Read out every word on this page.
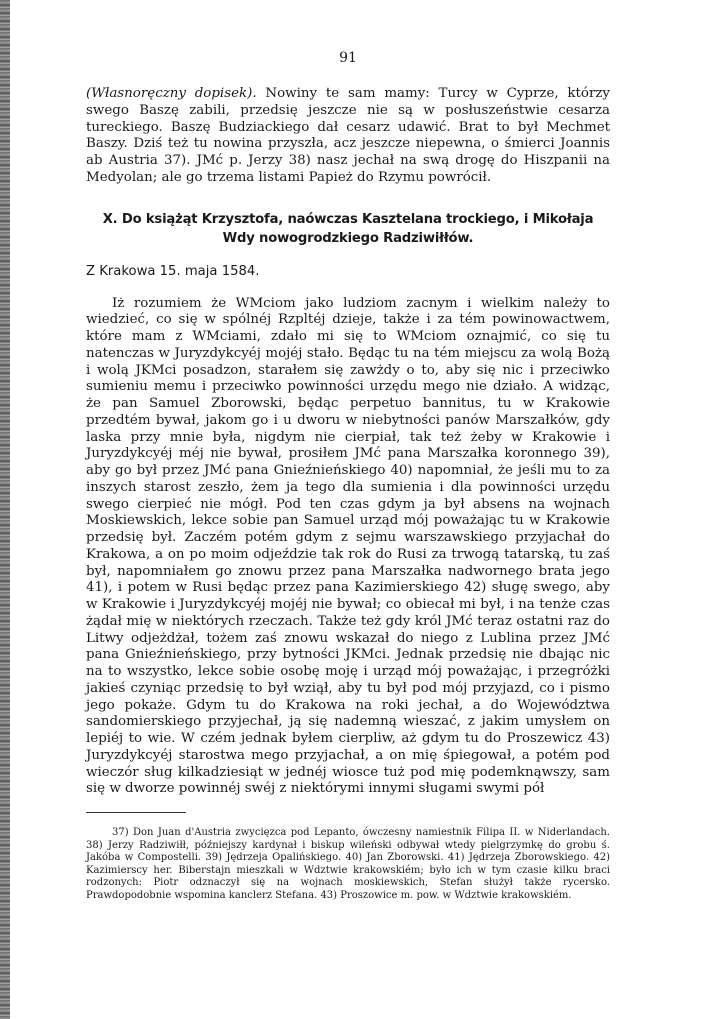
91

(Własnoręczny dopisek). Nowiny te sam mamy: Turcy w Cyprze, którzy swego Baszę zabili, przedsię jeszcze nie są w posłuszeństwie cesarza tureckiego. Baszę Budziackiego dał cesarz udawić. Brat to był Mechmet Baszy. Dziś też tu nowina przyszła, acz jeszcze niepewna, o śmierci Joannis ab Austria 37). JMć p. Jerzy 38) nasz jechał na swą drogę do Hiszpanii na Medyolan; ale go trzema listami Papież do Rzymu powrócił.

X. Do książąt Krzysztofa, naówczas Kasztelana trockiego, i Mikołaja Wdy nowogrodzkiego Radziwiłłów.
Z Krakowa 15. maja 1584.

Iż rozumiem że WMciom jako ludziom zacnym i wielkim należy to wiedzieć, co się w spólnéj Rzpltéj dzieje, także i za tém powinowactwem, które mam z WMciami, zdało mi się to WMciom oznajmić, co się tu natenczas w Juryzdykcyéj mojéj stało. Będąc tu na tém miejscu za wolą Bożą i wolą JKMci posadzon, starałem się zawżdy o to, aby się nic i przeciwko sumieniu memu i przeciwko powinności urzędu mego nie działo. A widząc, że pan Samuel Zborowski, będąc perpetuo bannitus, tu w Krakowie przedtém bywał, jakom go i u dworu w niebytności panów Marszałków, gdy laska przy mnie była, nigdym nie cierpiał, tak też żeby w Krakowie i Juryzdykcyéj méj nie bywał, prosiłem JMć pana Marszałka koronnego 39), aby go był przez JMć pana Gnieźnieńskiego 40) napomniał, że jeśli mu to za inszych starost zeszło, żem ja tego dla sumienia i dla powinności urzędu swego cierpieć nie mógł. Pod ten czas gdym ja był absens na wojnach Moskiewskich, lekce sobie pan Samuel urząd mój poważając tu w Krakowie przedsię był. Zaczém potém gdym z sejmu warszawskiego przyjachał do Krakowa, a on po moim odjeździe tak rok do Rusi za trwogą tatarską, tu zaś był, napomniałem go znowu przez pana Marszałka nadwornego brata jego 41), i potem w Rusi będąc przez pana Kazimierskiego 42) sługę swego, aby w Krakowie i Juryzdykcyéj mojéj nie bywał; co obiecał mi był, i na tenże czas żądał mię w niektórych rzeczach. Także też gdy król JMć teraz ostatni raz do Litwy odjeżdżał, tożem zaś znowu wskazał do niego z Lublina przez JMć pana Gnieźnieńskiego, przy bytności JKMci. Jednak przedsię nie dbając nic na to wszystko, lekce sobie osobę moję i urząd mój poważając, i przegróżki jakieś czyniąc przedsię to był wziął, aby tu był pod mój przyjazd, co i pismo jego pokaże. Gdym tu do Krakowa na roki jechał, a do Województwa sandomierskiego przyjechał, ją się nademną wieszać, z jakim umysłem on lepiéj to wie. W czém jednak byłem cierpliw, aż gdym tu do Proszewicz 43) Juryzdykcyéj starostwa mego przyjachał, a on mię śpiegował, a potém pod wieczór sług kilkadziesiąt w jednéj wiosce tuż pod mię podemknąwszy, sam się w dworze powinnéj swéj z niektórymi innymi sługami swymi pół

37) Don Juan d'Austria zwycięzca pod Lepanto, ówczesny namiestnik Filipa II. w Niderlandach. 38) Jerzy Radziwiłł, późniejszy kardynał i biskup wileński odbywał wtedy pielgrzymkę do grobu ś. Jakóba w Compostelli. 39) Jędrzeja Opalińskiego. 40) Jan Zborowski. 41) Jędrzeja Zborowskiego. 42) Kazimierscy her. Biberstajn mieszkali w Wdztwie krakowskiém; było ich w tym czasie kilku braci rodzonych: Piotr odznaczył się na wojnach moskiewskich, Stefan służył także rycersko. Prawdopodobnie wspomina kanclerz Stefana. 43) Proszowice m. pow. w Wdztwie krakowskiém.
